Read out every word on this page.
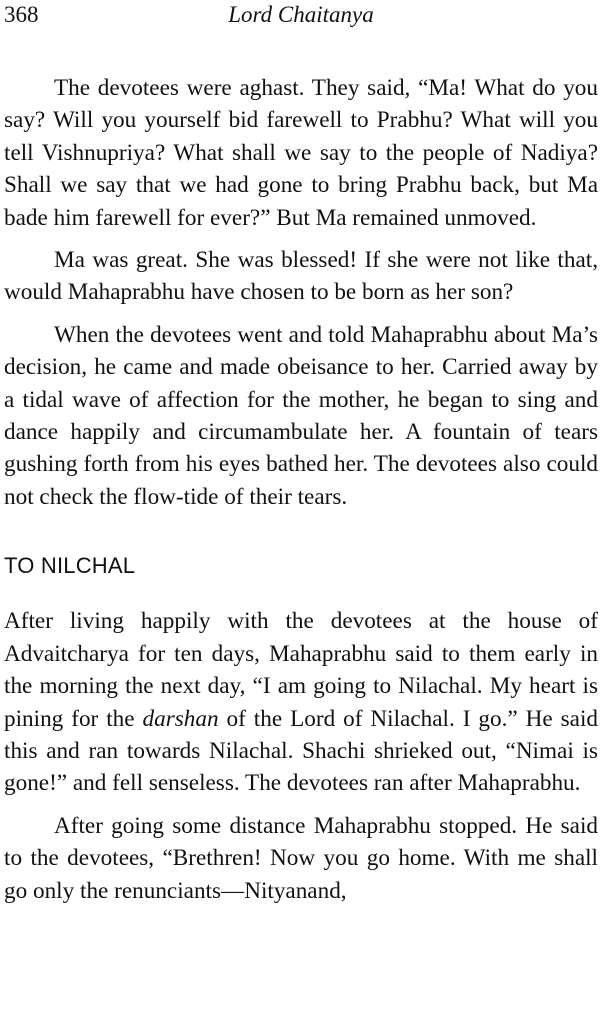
368	Lord Chaitanya

The devotees were aghast. They said, “Ma! What do you say? Will you yourself bid farewell to Prabhu? What will you tell Vishnupriya? What shall we say to the people of Nadiya? Shall we say that we had gone to bring Prabhu back, but Ma bade him farewell for ever?” But Ma remained unmoved.

Ma was great. She was blessed! If she were not like that, would Mahaprabhu have chosen to be born as her son?

When the devotees went and told Mahaprabhu about Ma’s decision, he came and made obeisance to her. Carried away by a tidal wave of affection for the mother, he began to sing and dance happily and circumambulate her. A fountain of tears gushing forth from his eyes bathed her. The devotees also could not check the flow-tide of their tears.

TO NILCHAL

After living happily with the devotees at the house of Advaitcharya for ten days, Mahaprabhu said to them early in the morning the next day, “I am going to Nilachal. My heart is pining for the darshan of the Lord of Nilachal. I go.” He said this and ran towards Nilachal. Shachi shrieked out, “Nimai is gone!” and fell senseless. The devotees ran after Mahaprabhu.

After going some distance Mahaprabhu stopped. He said to the devotees, “Brethren! Now you go home. With me shall go only the renunciants—Nityanand,
